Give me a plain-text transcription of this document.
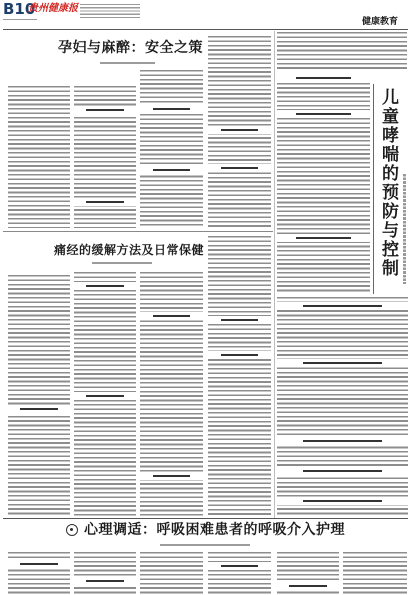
B10
贵州健康报
健康教育
孕妇与麻醉：安全之策
儿童哮喘的预防与控制
痛经的缓解方法及日常保健
心理调适：呼吸困难患者的呼吸介入护理
